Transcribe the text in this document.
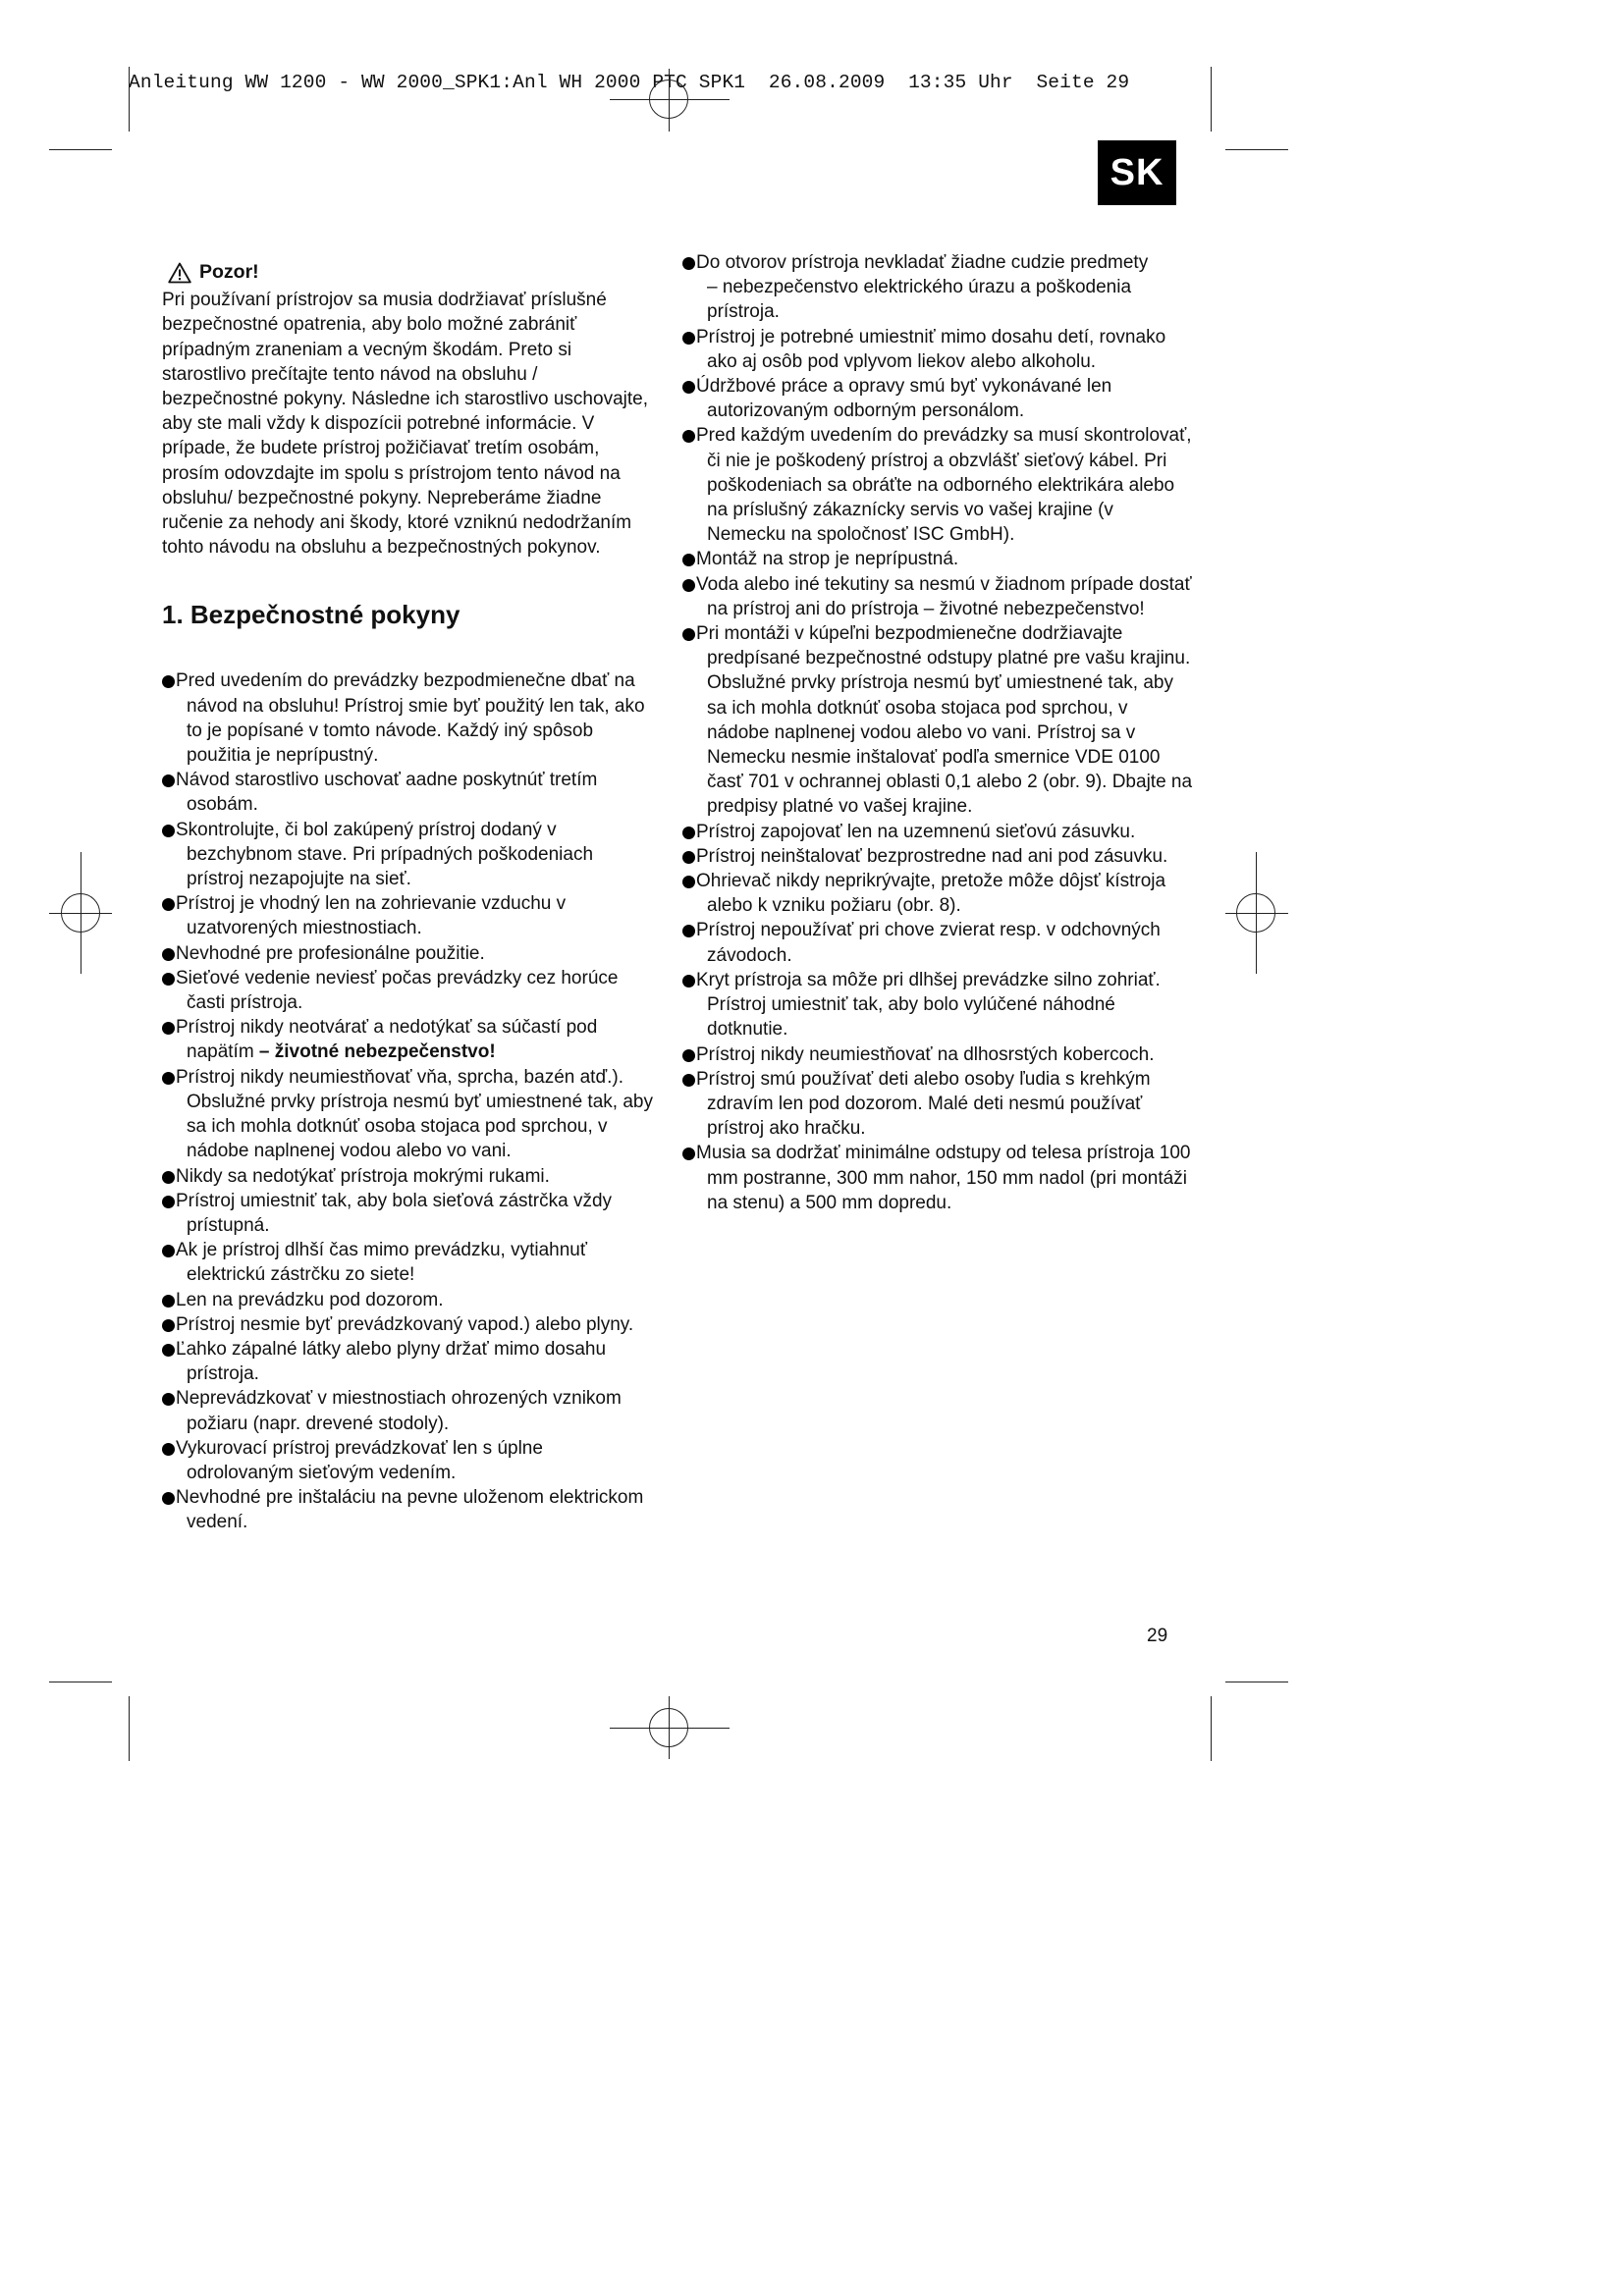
Anleitung WW 1200 - WW 2000_SPK1:Anl WH 2000 PTC SPK1  26.08.2009  13:35 Uhr  Seite 29
SK
Pozor!

Pri používaní prístrojov sa musia dodržiavať príslušné bezpečnostné opatrenia, aby bolo možné zabrániť prípadným zraneniam a vecným škodám. Preto si starostlivo prečítajte tento návod na obsluhu / bezpečnostné pokyny. Následne ich starostlivo uschovajte, aby ste mali vždy k dispozícii potrebné informácie. V prípade, že budete prístroj požičiavať tretím osobám, prosím odovzdajte im spolu s prístrojom tento návod na obsluhu/ bezpečnostné pokyny. Nepreberáme žiadne ručenie za nehody ani škody, ktoré vzniknú nedodržaním tohto návodu na obsluhu a bezpečnostných pokynov.

1. Bezpečnostné pokyny
Pred uvedením do prevádzky bezpodmienečne dbať na návod na obsluhu! Prístroj smie byť použitý len tak, ako to je popísané v tomto návode. Každý iný spôsob použitia je neprípustný.
Návod starostlivo uschovať aadne poskytnúť tretím osobám.
Skontrolujte, či bol zakúpený prístroj dodaný v bezchybnom stave. Pri prípadných poškodeniach prístroj nezapojujte na sieť.
Prístroj je vhodný len na zohrievanie vzduchu v uzatvorených miestnostiach.
Nevhodné pre profesionálne použitie.
Sieťové vedenie neviesť počas prevádzky cez horúce časti prístroja.
Prístroj nikdy neotvárať a nedotýkať sa súčastí pod napätím – životné nebezpečenstvo!
Prístroj nikdy neumiestňovať vňa, sprcha, bazén atď.). Obslužné prvky prístroja nesmú byť umiestnené tak, aby sa ich mohla dotknúť osoba stojaca pod sprchou, v nádobe naplnenej vodou alebo vo vani.
Nikdy sa nedotýkať prístroja mokrými rukami.
Prístroj umiestniť tak, aby bola sieťová zástrčka vždy prístupná.
Ak je prístroj dlhší čas mimo prevádzku, vytiahnuť elektrickú zástrčku zo siete!
Len na prevádzku pod dozorom.
Prístroj nesmie byť prevádzkovaný vapod.) alebo plyny.
Ľahko zápalné látky alebo plyny držať mimo dosahu prístroja.
Neprevádzkovať v miestnostiach ohrozených vznikom požiaru (napr. drevené stodoly).
Vykurovací prístroj prevádzkovať len s úplne odrolovaným sieťovým vedením.
Nevhodné pre inštaláciu na pevne uloženom elektrickom vedení.
Do otvorov prístroja nevkladať žiadne cudzie predmety
– nebezpečenstvo elektrického úrazu a poškodenia prístroja.
Prístroj je potrebné umiestniť mimo dosahu detí, rovnako ako aj osôb pod vplyvom liekov alebo alkoholu.
Údržbové práce a opravy smú byť vykonávané len autorizovaným odborným personálom.
Pred každým uvedením do prevádzky sa musí skontrolovať, či nie je poškodený prístroj a obzvlášť sieťový kábel. Pri poškodeniach sa obráťte na odborného elektrikára alebo na príslušný zákaznícky servis vo vašej krajine (v Nemecku na spoločnosť ISC GmbH).
Montáž na strop je neprípustná.
Voda alebo iné tekutiny sa nesmú v žiadnom prípade dostať na prístroj ani do prístroja – životné nebezpečenstvo!
Pri montáži v kúpeľni bezpodmienečne dodržiavajte predpísané bezpečnostné odstupy platné pre vašu krajinu. Obslužné prvky prístroja nesmú byť umiestnené tak, aby sa ich mohla dotknúť osoba stojaca pod sprchou, v nádobe naplnenej vodou alebo vo vani. Prístroj sa v Nemecku nesmie inštalovať podľa smernice VDE 0100 časť 701 v ochrannej oblasti 0,1 alebo 2 (obr. 9). Dbajte na predpisy platné vo vašej krajine.
Prístroj zapojovať len na uzemnenú sieťovú zásuvku.
Prístroj neinštalovať bezprostredne nad ani pod zásuvku.
Ohrievač nikdy neprikrývajte, pretože môže dôjsť kístroja alebo k vzniku požiaru (obr. 8).
Prístroj nepoužívať pri chove zvierat resp. v odchovných závodoch.
Kryt prístroja sa môže pri dlhšej prevádzke silno zohriať. Prístroj umiestniť tak, aby bolo vylúčené náhodné dotknutie.
Prístroj nikdy neumiestňovať na dlhosrstých kobercoch.
Prístroj smú používať deti alebo osoby ľudia s krehkým zdravím len pod dozorom. Malé deti nesmú používať prístroj ako hračku.
Musia sa dodržať minimálne odstupy od telesa prístroja 100 mm postranne, 300 mm nahor, 150 mm nadol (pri montáži na stenu) a 500 mm dopredu.
29
